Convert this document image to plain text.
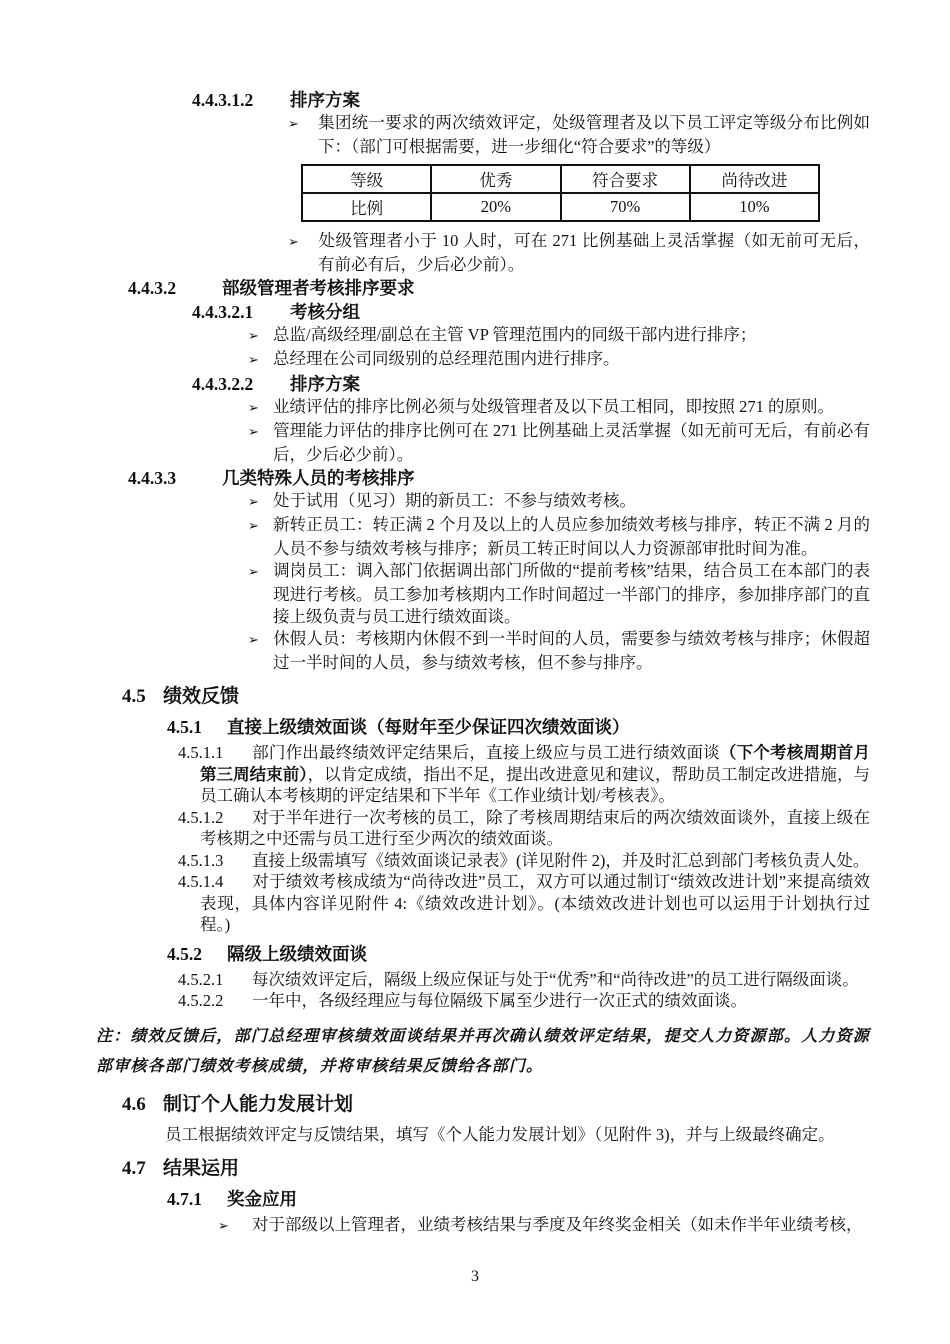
4.4.3.1.2 排序方案
➢ 集团统一要求的两次绩效评定，处级管理者及以下员工评定等级分布比例如下：（部门可根据需要，进一步细化“符合要求”的等级）
等级	优秀	符合要求	尚待改进
比例	20%	70%	10%
➢ 处级管理者小于 10 人时，可在 271 比例基础上灵活掌握（如无前可无后，有前必有后，少后必少前）。
4.4.3.2	部级管理者考核排序要求
4.4.3.2.1 考核分组
➢ 总监/高级经理/副总在主管 VP 管理范围内的同级干部内进行排序；
➢ 总经理在公司同级别的总经理范围内进行排序。
4.4.3.2.2 排序方案
➢ 业绩评估的排序比例必须与处级管理者及以下员工相同，即按照 271 的原则。
➢ 管理能力评估的排序比例可在 271 比例基础上灵活掌握（如无前可无后，有前必有后，少后必少前）。
4.4.3.3	几类特殊人员的考核排序
➢ 处于试用（见习）期的新员工：不参与绩效考核。
➢ 新转正员工：转正满 2 个月及以上的人员应参加绩效考核与排序，转正不满 2 月的人员不参与绩效考核与排序；新员工转正时间以人力资源部审批时间为准。
➢ 调岗员工：调入部门依据调出部门所做的“提前考核”结果，结合员工在本部门的表现进行考核。员工参加考核期内工作时间超过一半部门的排序，参加排序部门的直接上级负责与员工进行绩效面谈。
➢ 休假人员：考核期内休假不到一半时间的人员，需要参与绩效考核与排序；休假超过一半时间的人员，参与绩效考核，但不参与排序。
4.5 绩效反馈
4.5.1 直接上级绩效面谈（每财年至少保证四次绩效面谈）
4.5.1.1 部门作出最终绩效评定结果后，直接上级应与员工进行绩效面谈（下个考核周期首月第三周结束前），以肯定成绩，指出不足，提出改进意见和建议，帮助员工制定改进措施，与员工确认本考核期的评定结果和下半年《工作业绩计划/考核表》。
4.5.1.2 对于半年进行一次考核的员工，除了考核周期结束后的两次绩效面谈外，直接上级在考核期之中还需与员工进行至少两次的绩效面谈。
4.5.1.3 直接上级需填写《绩效面谈记录表》(详见附件 2)，并及时汇总到部门考核负责人处。
4.5.1.4 对于绩效考核成绩为“尚待改进”员工，双方可以通过制订“绩效改进计划”来提高绩效表现，具体内容详见附件 4:《绩效改进计划》。(本绩效改进计划也可以运用于计划执行过程。)
4.5.2 隔级上级绩效面谈
4.5.2.1 每次绩效评定后，隔级上级应保证与处于“优秀”和“尚待改进”的员工进行隔级面谈。
4.5.2.2 一年中，各级经理应与每位隔级下属至少进行一次正式的绩效面谈。
注：绩效反馈后，部门总经理审核绩效面谈结果并再次确认绩效评定结果，提交人力资源部。人力资源部审核各部门绩效考核成绩，并将审核结果反馈给各部门。
4.6 制订个人能力发展计划
员工根据绩效评定与反馈结果，填写《个人能力发展计划》（见附件 3)，并与上级最终确定。
4.7 结果运用
4.7.1 奖金应用
➢ 对于部级以上管理者，业绩考核结果与季度及年终奖金相关（如未作半年业绩考核，
3
